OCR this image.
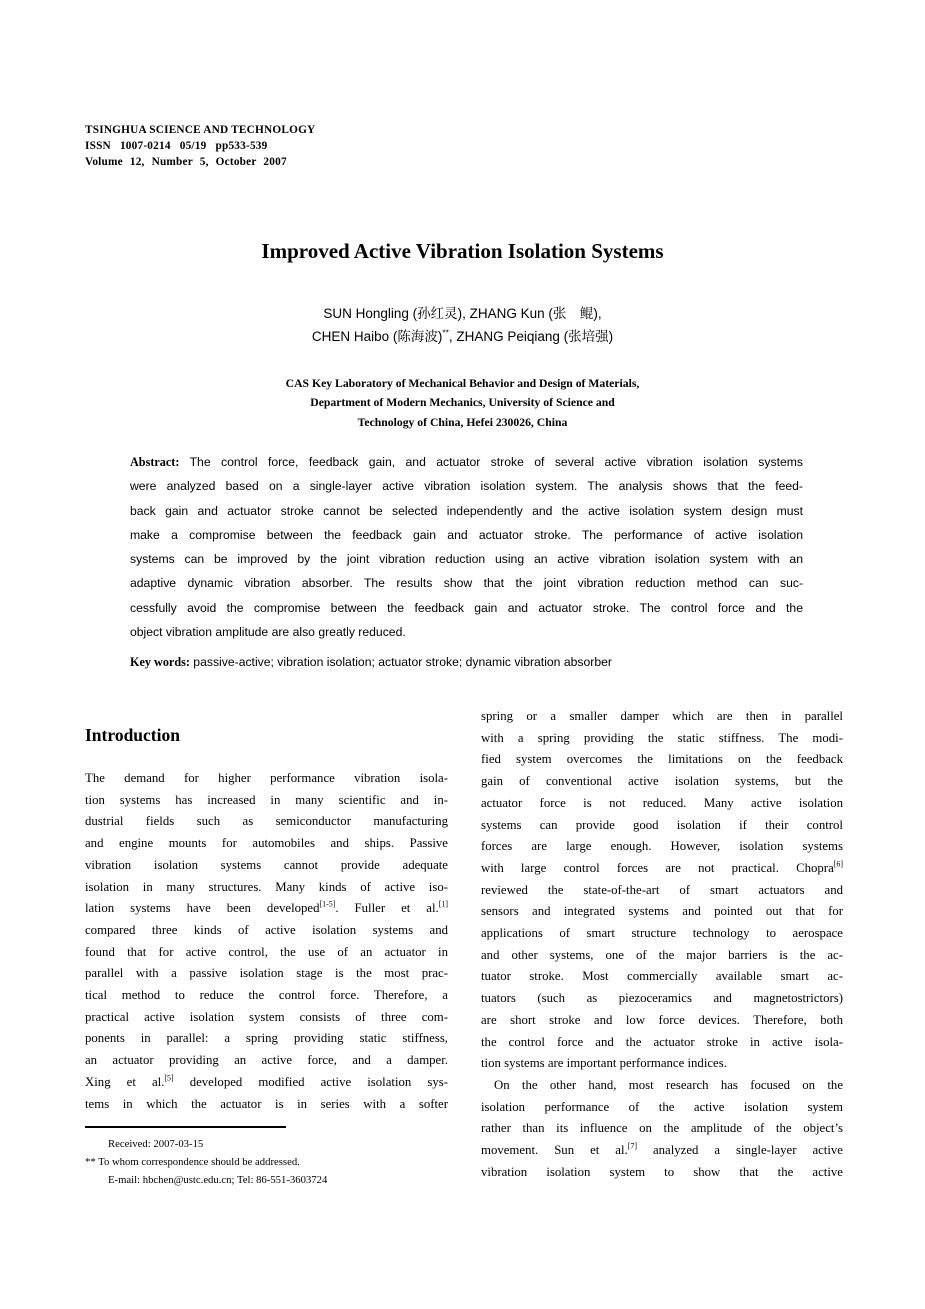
TSINGHUA SCIENCE AND TECHNOLOGY
ISSN 1007-0214 05/19 pp533-539
Volume 12, Number 5, October 2007
Improved Active Vibration Isolation Systems
SUN Hongling (孙红灵), ZHANG Kun (张　鲲),
CHEN Haibo (陈海波)**, ZHANG Peiqiang (张培强)
CAS Key Laboratory of Mechanical Behavior and Design of Materials,
Department of Modern Mechanics, University of Science and
Technology of China, Hefei 230026, China
Abstract: The control force, feedback gain, and actuator stroke of several active vibration isolation systems
were analyzed based on a single-layer active vibration isolation system. The analysis shows that the feed-
back gain and actuator stroke cannot be selected independently and the active isolation system design must
make a compromise between the feedback gain and actuator stroke. The performance of active isolation
systems can be improved by the joint vibration reduction using an active vibration isolation system with an
adaptive dynamic vibration absorber. The results show that the joint vibration reduction method can suc-
cessfully avoid the compromise between the feedback gain and actuator stroke. The control force and the
object vibration amplitude are also greatly reduced.
Key words: passive-active; vibration isolation; actuator stroke; dynamic vibration absorber
Introduction
The demand for higher performance vibration isola-
tion systems has increased in many scientific and in-
dustrial fields such as semiconductor manufacturing
and engine mounts for automobiles and ships. Passive
vibration isolation systems cannot provide adequate
isolation in many structures. Many kinds of active iso-
lation systems have been developed[1-5]. Fuller et al.[1]
compared three kinds of active isolation systems and
found that for active control, the use of an actuator in
parallel with a passive isolation stage is the most prac-
tical method to reduce the control force. Therefore, a
practical active isolation system consists of three com-
ponents in parallel: a spring providing static stiffness,
an actuator providing an active force, and a damper.
Xing et al.[5] developed modified active isolation sys-
tems in which the actuator is in series with a softer
spring or a smaller damper which are then in parallel
with a spring providing the static stiffness. The modi-
fied system overcomes the limitations on the feedback
gain of conventional active isolation systems, but the
actuator force is not reduced. Many active isolation
systems can provide good isolation if their control
forces are large enough. However, isolation systems
with large control forces are not practical. Chopra[6]
reviewed the state-of-the-art of smart actuators and
sensors and integrated systems and pointed out that for
applications of smart structure technology to aerospace
and other systems, one of the major barriers is the ac-
tuator stroke. Most commercially available smart ac-
tuators (such as piezoceramics and magnetostrictors)
are short stroke and low force devices. Therefore, both
the control force and the actuator stroke in active isola-
tion systems are important performance indices.
On the other hand, most research has focused on the
isolation performance of the active isolation system
rather than its influence on the amplitude of the object’s
movement. Sun et al.[7] analyzed a single-layer active
vibration isolation system to show that the active
Received: 2007-03-15
** To whom correspondence should be addressed.
E-mail: hbchen@ustc.edu.cn; Tel: 86-551-3603724
